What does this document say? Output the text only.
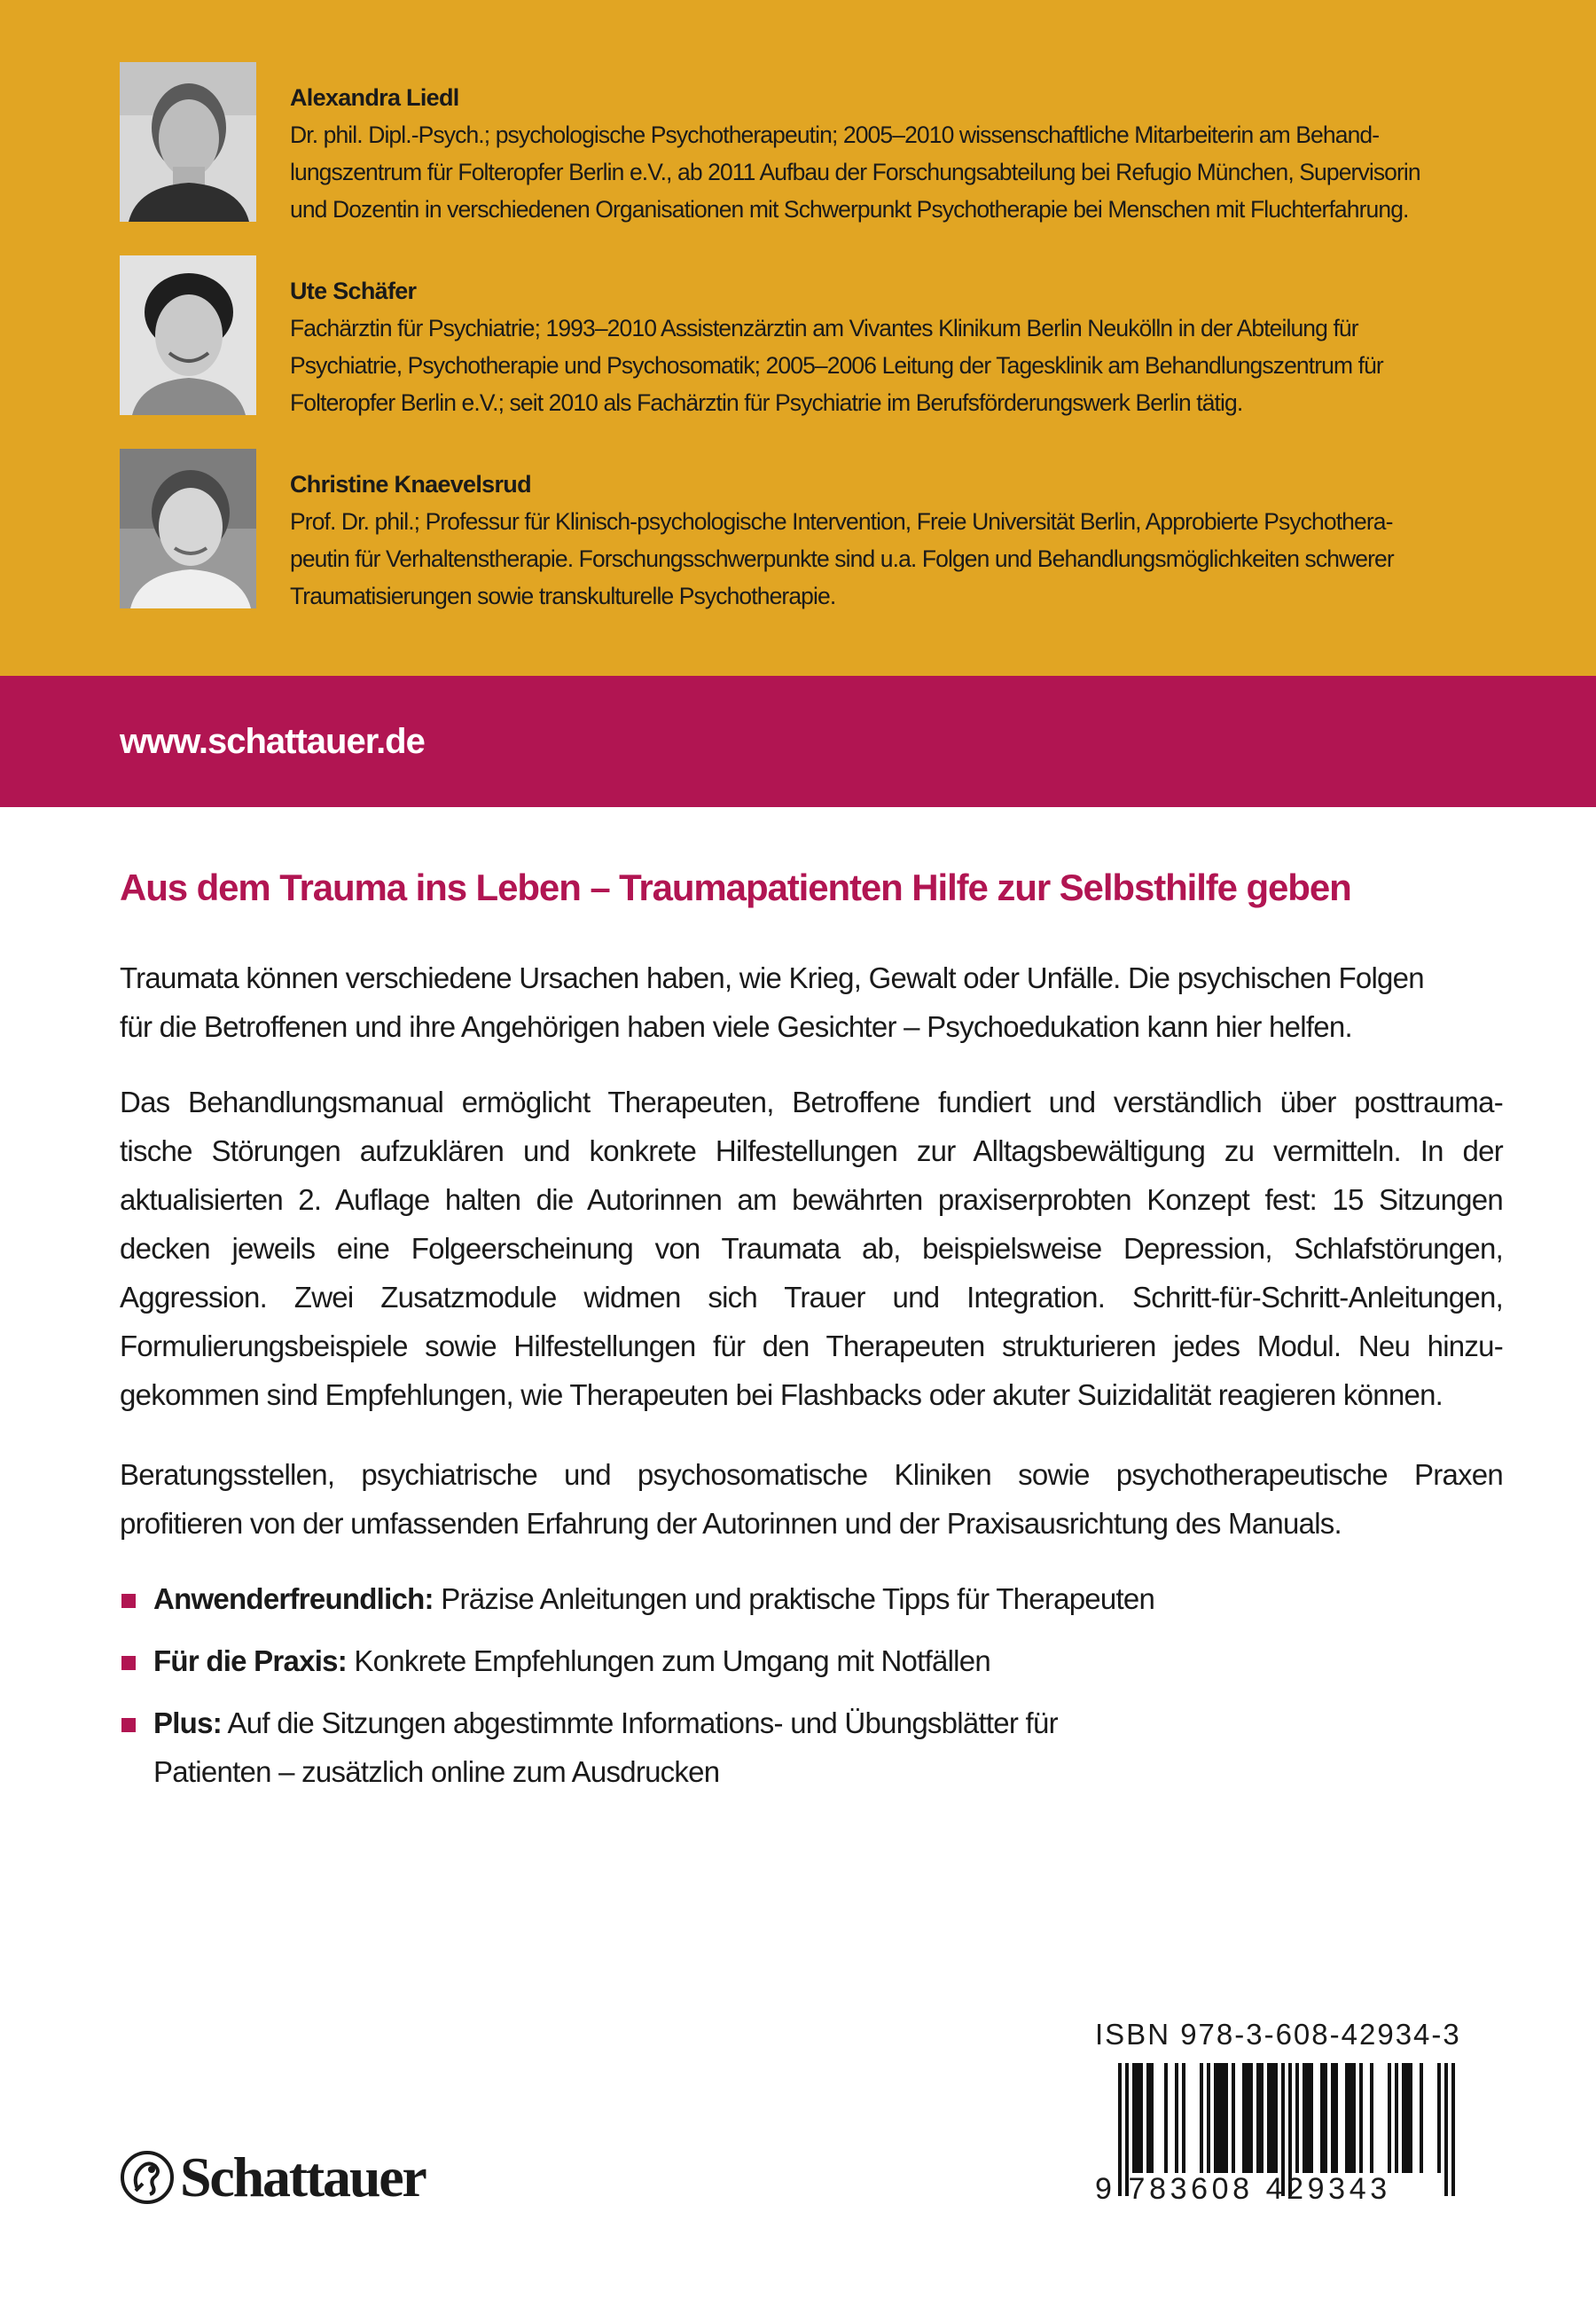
Alexandra Liedl
Dr. phil. Dipl.-Psych.; psychologische Psychotherapeutin; 2005–2010 wissenschaftliche Mitarbeiterin am Behand-
lungszentrum für Folteropfer Berlin e.V., ab 2011 Aufbau der Forschungsabteilung bei Refugio München, Supervisorin
und Dozentin in verschiedenen Organisationen mit Schwerpunkt Psychotherapie bei Menschen mit Fluchterfahrung.
Ute Schäfer
Fachärztin für Psychiatrie; 1993–2010 Assistenzärztin am Vivantes Klinikum Berlin Neukölln in der Abteilung für
Psychiatrie, Psychotherapie und Psychosomatik; 2005–2006 Leitung der Tagesklinik am Behandlungszentrum für
Folteropfer Berlin e.V.; seit 2010 als Fachärztin für Psychiatrie im Berufsförderungswerk Berlin tätig.
Christine Knaevelsrud
Prof. Dr. phil.; Professur für Klinisch-psychologische Intervention, Freie Universität Berlin, Approbierte Psychothera-
peutin für Verhaltenstherapie. Forschungsschwerpunkte sind u.a. Folgen und Behandlungsmöglichkeiten schwerer
Traumatisierungen sowie transkulturelle Psychotherapie.
www.schattauer.de
Aus dem Trauma ins Leben – Traumapatienten Hilfe zur Selbsthilfe geben
Traumata können verschiedene Ursachen haben, wie Krieg, Gewalt oder Unfälle. Die psychischen Folgen
für die Betroffenen und ihre Angehörigen haben viele Gesichter – Psychoedukation kann hier helfen.
Das Behandlungsmanual ermöglicht Therapeuten, Betroffene fundiert und verständlich über posttrauma-
tische Störungen aufzuklären und konkrete Hilfestellungen zur Alltagsbewältigung zu vermitteln. In der
aktualisierten 2. Auflage halten die Autorinnen am bewährten praxiserprobten Konzept fest: 15 Sitzungen
decken jeweils eine Folgeerscheinung von Traumata ab, beispielsweise Depression, Schlafstörungen,
Aggression. Zwei Zusatzmodule widmen sich Trauer und Integration. Schritt-für-Schritt-Anleitungen,
Formulierungsbeispiele sowie Hilfestellungen für den Therapeuten strukturieren jedes Modul. Neu hinzu-
gekommen sind Empfehlungen, wie Therapeuten bei Flashbacks oder akuter Suizidalität reagieren können.
Beratungsstellen, psychiatrische und psychosomatische Kliniken sowie psychotherapeutische Praxen
profitieren von der umfassenden Erfahrung der Autorinnen und der Praxisausrichtung des Manuals.
Anwenderfreundlich: Präzise Anleitungen und praktische Tipps für Therapeuten
Für die Praxis: Konkrete Empfehlungen zum Umgang mit Notfällen
Plus: Auf die Sitzungen abgestimmte Informations- und Übungsblätter für
Patienten – zusätzlich online zum Ausdrucken
Schattauer
ISBN 978-3-608-42934-3
9 783608 429343
